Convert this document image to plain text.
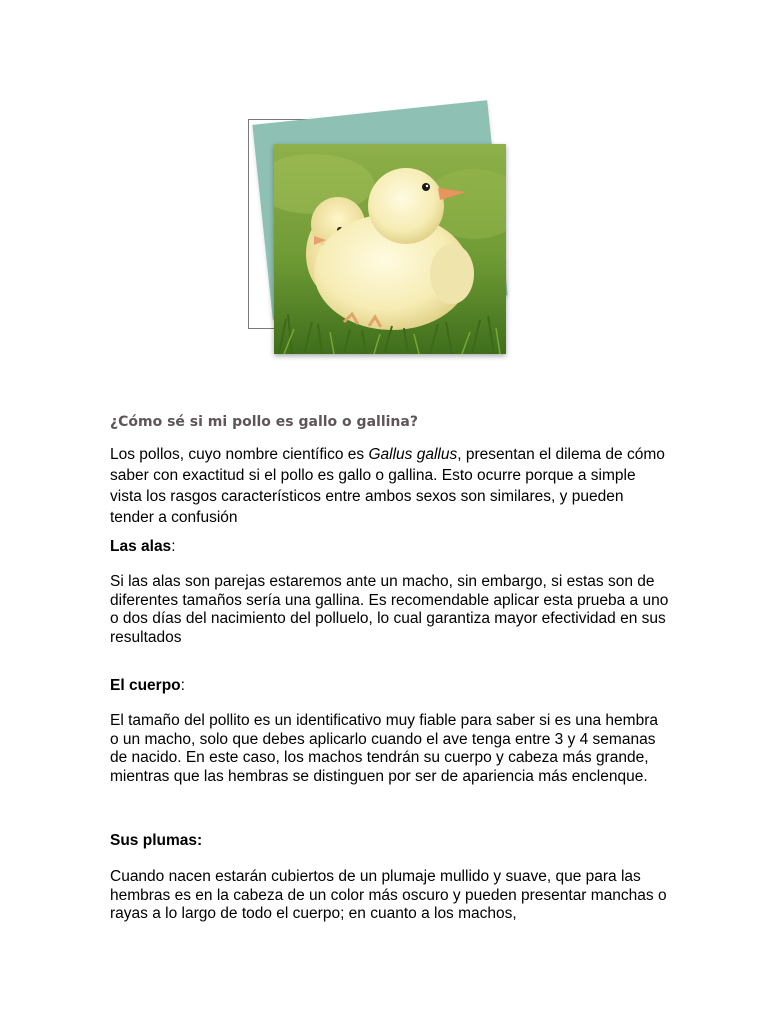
¿Cómo sé si mi pollo es gallo o gallina?

Los pollos, cuyo nombre científico es Gallus gallus, presentan el dilema de cómo saber con exactitud si el pollo es gallo o gallina. Esto ocurre porque a simple vista los rasgos característicos entre ambos sexos son similares, y pueden tender a confusión

Las alas:

Si las alas son parejas estaremos ante un macho, sin embargo, si estas son de diferentes tamaños sería una gallina. Es recomendable aplicar esta prueba a uno o dos días del nacimiento del polluelo, lo cual garantiza mayor efectividad en sus resultados

El cuerpo:

El tamaño del pollito es un identificativo muy fiable para saber si es una hembra o un macho, solo que debes aplicarlo cuando el ave tenga entre 3 y 4 semanas de nacido. En este caso, los machos tendrán su cuerpo y cabeza más grande, mientras que las hembras se distinguen por ser de apariencia más enclenque.

Sus plumas:

Cuando nacen estarán cubiertos de un plumaje mullido y suave, que para las hembras es en la cabeza de un color más oscuro y pueden presentar manchas o rayas a lo largo de todo el cuerpo; en cuanto a los machos,
